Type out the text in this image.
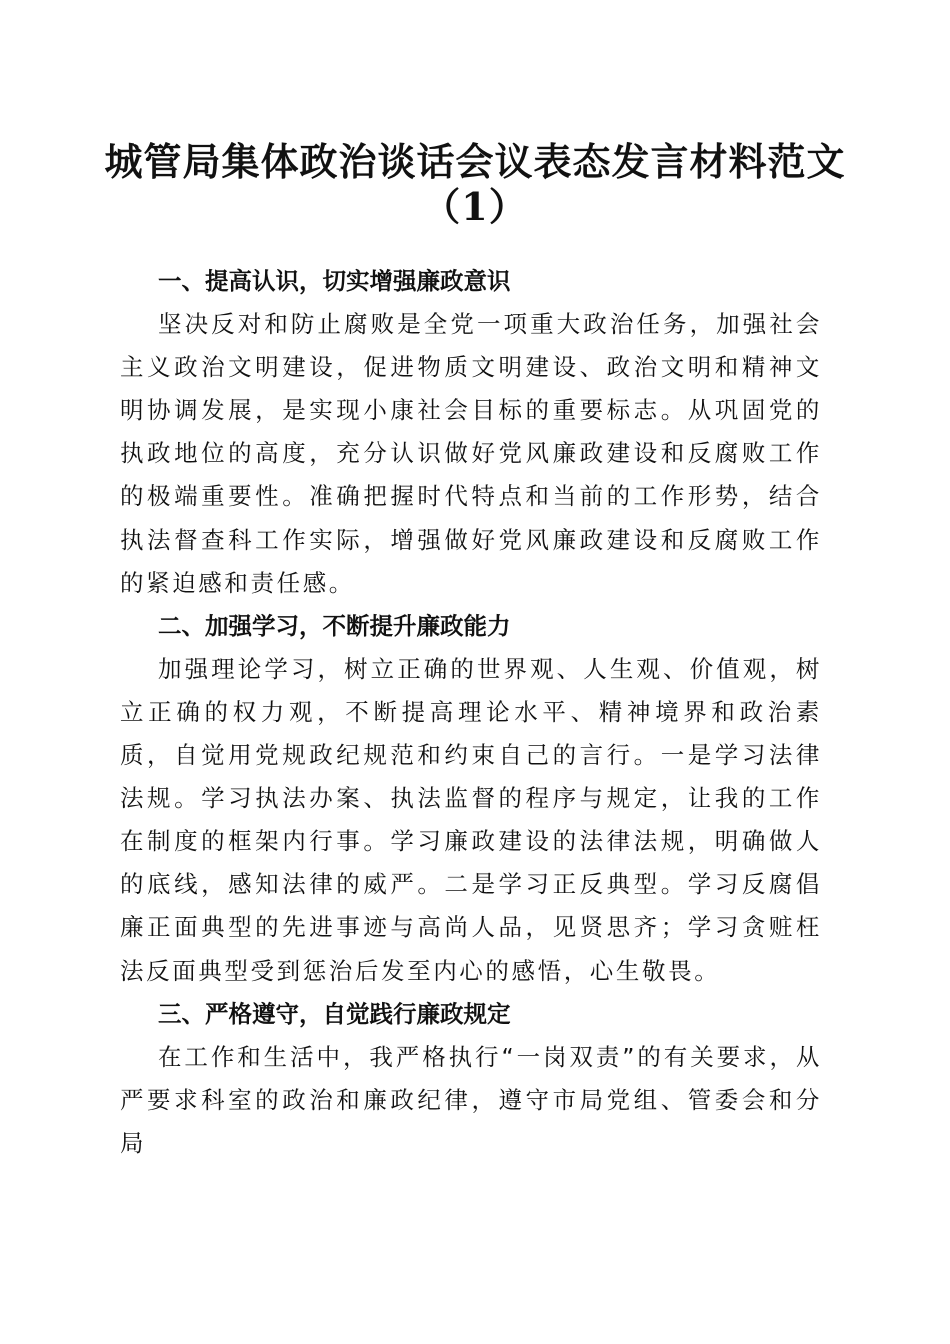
城管局集体政治谈话会议表态发言材料范文
（1）
一、提高认识，切实增强廉政意识

坚决反对和防止腐败是全党一项重大政治任务，加强社会主义政治文明建设，促进物质文明建设、政治文明和精神文明协调发展，是实现小康社会目标的重要标志。从巩固党的执政地位的高度，充分认识做好党风廉政建设和反腐败工作的极端重要性。准确把握时代特点和当前的工作形势，结合执法督查科工作实际，增强做好党风廉政建设和反腐败工作的紧迫感和责任感。

二、加强学习，不断提升廉政能力

加强理论学习，树立正确的世界观、人生观、价值观，树立正确的权力观，不断提高理论水平、精神境界和政治素质，自觉用党规政纪规范和约束自己的言行。一是学习法律法规。学习执法办案、执法监督的程序与规定，让我的工作在制度的框架内行事。学习廉政建设的法律法规，明确做人的底线，感知法律的威严。二是学习正反典型。学习反腐倡廉正面典型的先进事迹与高尚人品，见贤思齐；学习贪赃枉法反面典型受到惩治后发至内心的感悟，心生敬畏。

三、严格遵守，自觉践行廉政规定

在工作和生活中，我严格执行“一岗双责”的有关要求，从严要求科室的政治和廉政纪律，遵守市局党组、管委会和分局
